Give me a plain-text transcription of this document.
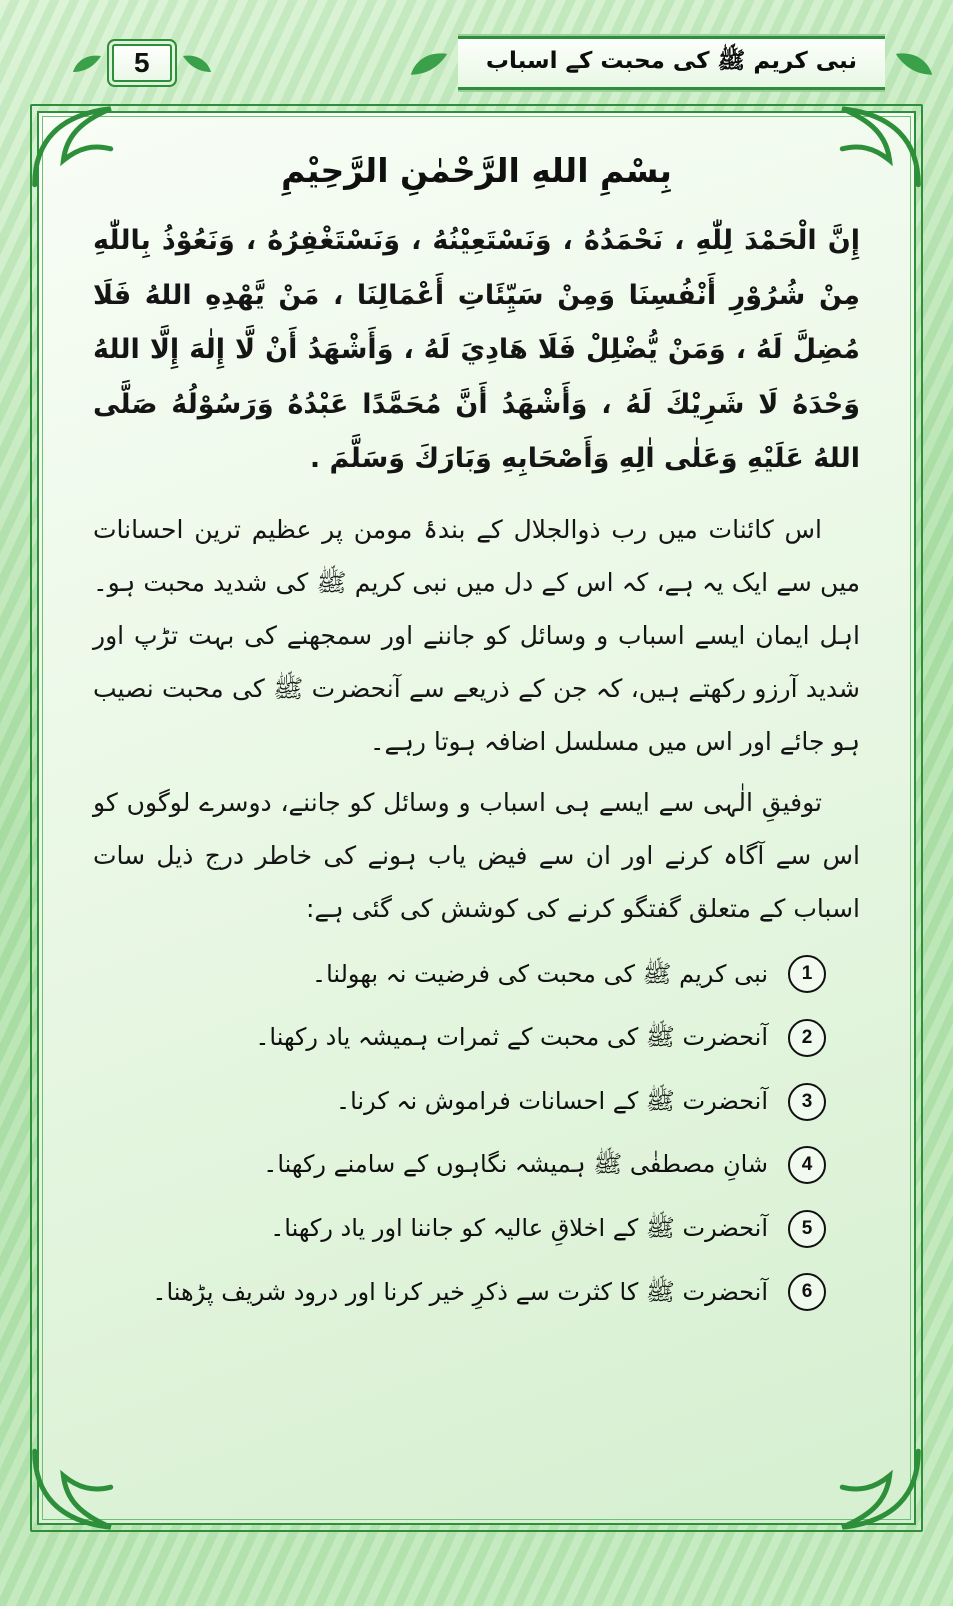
5	نبی کریم ﷺ کی محبت کے اسباب
بِسْمِ اللهِ الرَّحْمٰنِ الرَّحِيْمِ

إِنَّ الْحَمْدَ لِلّٰهِ ، نَحْمَدُهُ ، وَنَسْتَعِيْنُهُ ، وَنَسْتَغْفِرُهُ ، وَنَعُوْذُ بِاللّٰهِ مِنْ شُرُوْرِ أَنْفُسِنَا وَمِنْ سَيِّئَاتِ أَعْمَالِنَا ، مَنْ يَّهْدِهِ اللهُ فَلَا مُضِلَّ لَهُ ، وَمَنْ يُّضْلِلْ فَلَا هَادِيَ لَهُ ، وَأَشْهَدُ أَنْ لَّا إِلٰهَ إِلَّا اللهُ وَحْدَهُ لَا شَرِيْكَ لَهُ ، وَأَشْهَدُ أَنَّ مُحَمَّدًا عَبْدُهُ وَرَسُوْلُهُ صَلَّى اللهُ عَلَيْهِ وَعَلٰى اٰلِهِ وَأَصْحَابِهِ وَبَارَكَ وَسَلَّمَ .

اس کائنات میں رب ذوالجلال کے بندۂ مومن پر عظیم ترین احسانات میں سے ایک یہ ہے، کہ اس کے دل میں نبی کریم ﷺ کی شدید محبت ہو۔ اہل ایمان ایسے اسباب و وسائل کو جاننے اور سمجھنے کی بہت تڑپ اور شدید آرزو رکھتے ہیں، کہ جن کے ذریعے سے آنحضرت ﷺ کی محبت نصیب ہو جائے اور اس میں مسلسل اضافہ ہوتا رہے۔

توفیقِ الٰہی سے ایسے ہی اسباب و وسائل کو جاننے، دوسرے لوگوں کو اس سے آگاہ کرنے اور ان سے فیض یاب ہونے کی خاطر درج ذیل سات اسباب کے متعلق گفتگو کرنے کی کوشش کی گئی ہے:

1
نبی کریم ﷺ کی محبت کی فرضیت نہ بھولنا۔
2
آنحضرت ﷺ کی محبت کے ثمرات ہمیشہ یاد رکھنا۔
3
آنحضرت ﷺ کے احسانات فراموش نہ کرنا۔
4
شانِ مصطفٰی ﷺ ہمیشہ نگاہوں کے سامنے رکھنا۔
5
آنحضرت ﷺ کے اخلاقِ عالیہ کو جاننا اور یاد رکھنا۔
6
آنحضرت ﷺ کا کثرت سے ذکرِ خیر کرنا اور درود شریف پڑھنا۔
